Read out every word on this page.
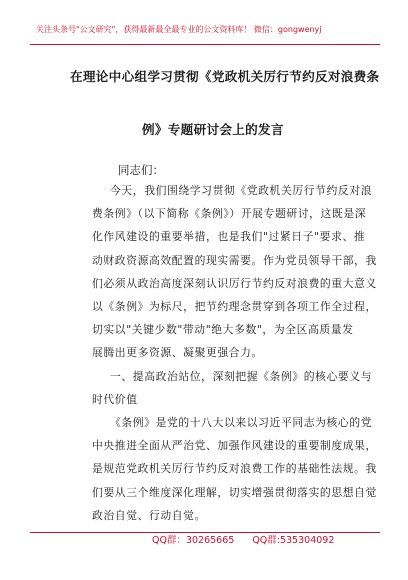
关注头条号"公文研究"，获得最新最全最专业的公文资料库！ 微信：gongwenyj
在理论中心组学习贯彻《党政机关厉行节约反对浪费条
例》专题研讨会上的发言
同志们：
QQ群：30265665 QQ群:535304092
今天，我们围绕学习贯彻《党政机关厉行节约反对浪
费条例》（以下简称《条例》）开展专题研讨，这既是深
化作风建设的重要举措，也是我们"过紧日子"要求、推
动财政资源高效配置的现实需要。作为党员领导干部，我
们必须从政治高度深刻认识厉行节约反对浪费的重大意义
以《条例》为标尺，把节约理念贯穿到各项工作全过程，
切实以"关键少数"带动"绝大多数"，为全区高质量发
展腾出更多资源、凝聚更强合力。
一、提高政治站位，深刻把握《条例》的核心要义与
时代价值
《条例》是党的十八大以来以习近平同志为核心的党
中央推进全面从严治党、加强作风建设的重要制度成果，
是规范党政机关厉行节约反对浪费工作的基础性法规。我
们要从三个维度深化理解，切实增强贯彻落实的思想自觉
政治自觉、行动自觉。
